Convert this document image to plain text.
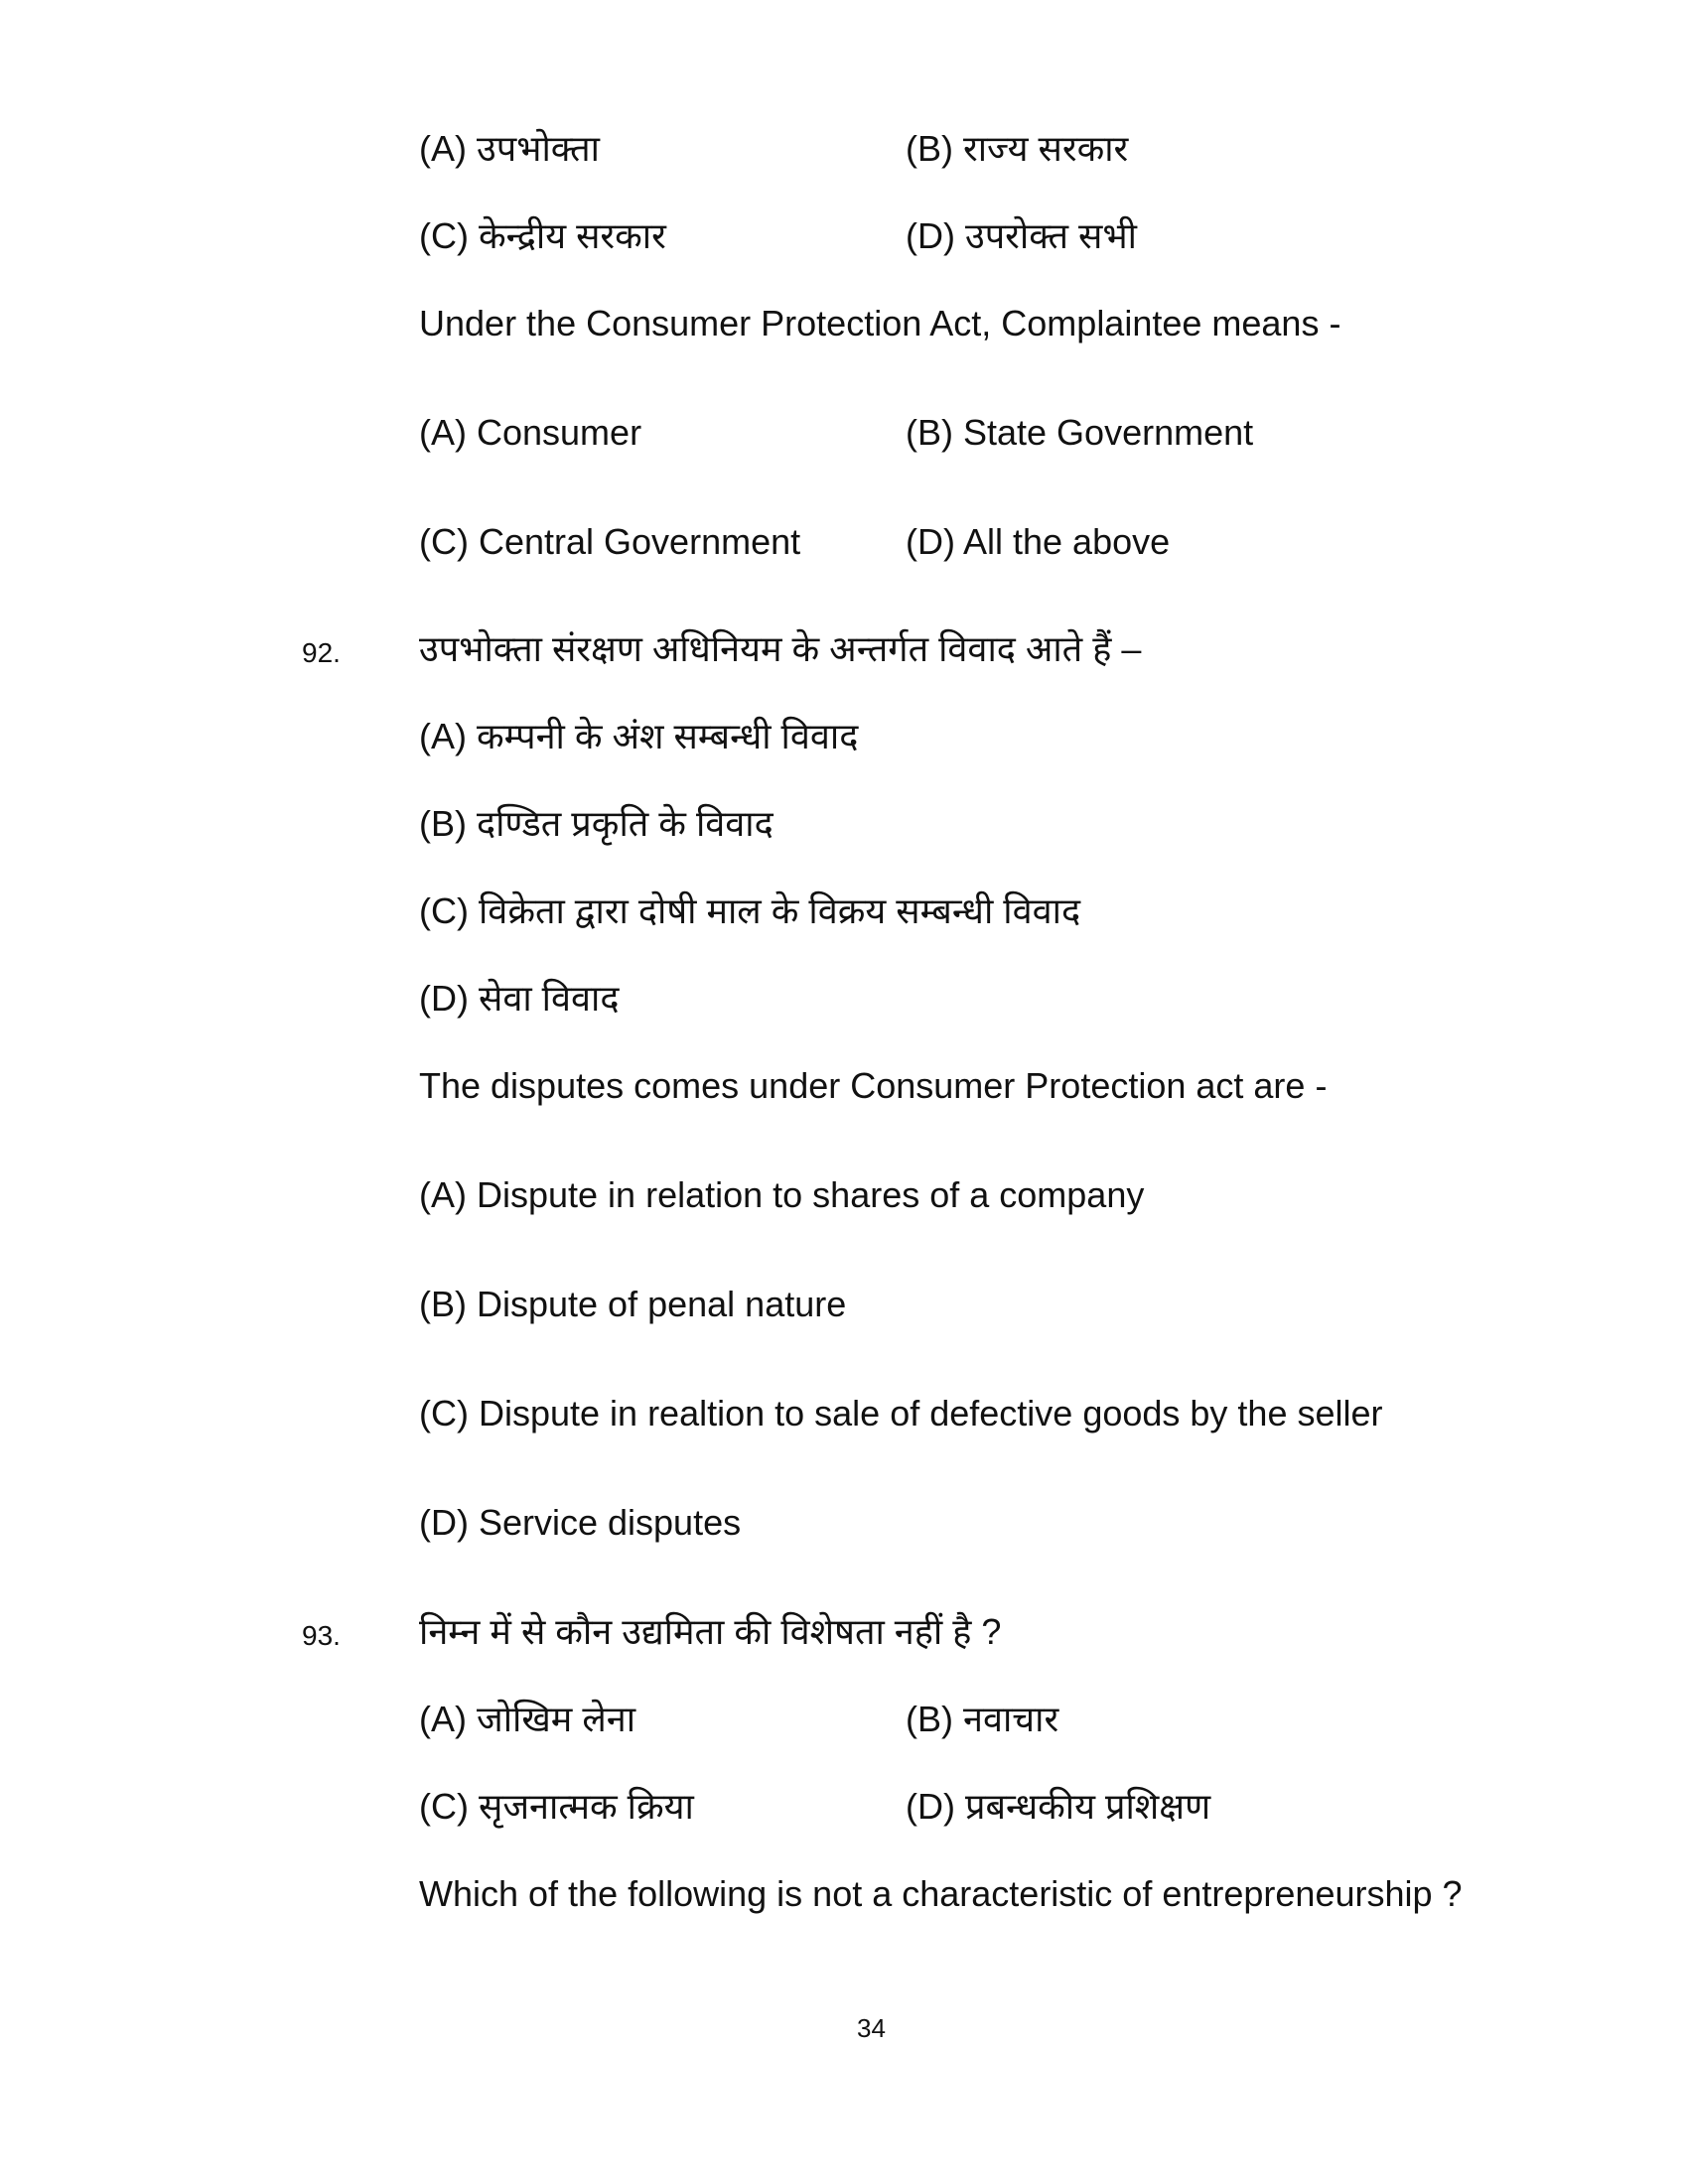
(A) उपभोक्ता	(B) राज्य सरकार
(C) केन्द्रीय सरकार	(D) उपरोक्त सभी
Under the Consumer Protection Act, Complaintee means -
(A) Consumer	(B) State Government
(C) Central Government	(D) All the above
92. उपभोक्ता संरक्षण अधिनियम के अन्तर्गत विवाद आते हैं –
(A) कम्पनी के अंश सम्बन्धी विवाद
(B) दण्डित प्रकृति के विवाद
(C) विक्रेता द्वारा दोषी माल के विक्रय सम्बन्धी विवाद
(D) सेवा विवाद
The disputes comes under Consumer Protection act are -
(A) Dispute in relation to shares of a company
(B) Dispute of penal nature
(C) Dispute in realtion to sale of defective goods by the seller
(D) Service disputes
93. निम्न में से कौन उद्यमिता की विशेषता नहीं है ?
(A) जोखिम लेना	(B) नवाचार
(C) सृजनात्मक क्रिया	(D) प्रबन्धकीय प्रशिक्षण
Which of the following is not a characteristic of entrepreneurship ?
34
